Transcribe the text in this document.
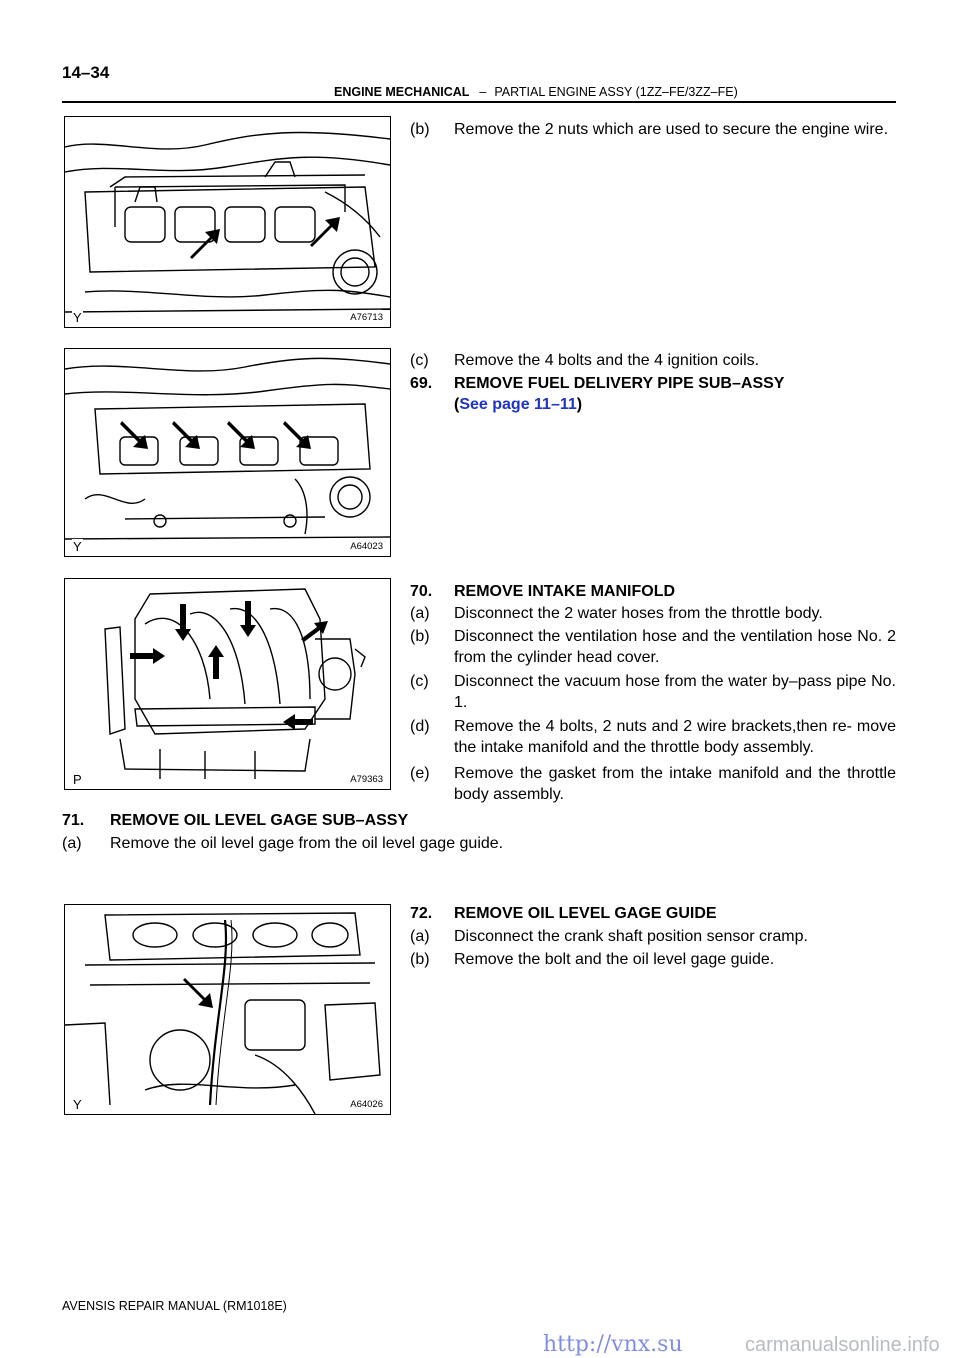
14–34
ENGINE MECHANICAL – PARTIAL ENGINE ASSY (1ZZ–FE/3ZZ–FE)
Y	A76713
Y	A64023
P	A79363
Y	A64026
(b) Remove the 2 nuts which are used to secure the engine wire.
(c) Remove the 4 bolts and the 4 ignition coils.
69. REMOVE FUEL DELIVERY PIPE SUB–ASSY
(See page 11–11)
70. REMOVE INTAKE MANIFOLD
(a) Disconnect the 2 water hoses from the throttle body.
(b) Disconnect the ventilation hose and the ventilation hose No. 2 from the cylinder head cover.
(c) Disconnect the vacuum hose from the water by–pass pipe No. 1.
(d) Remove the 4 bolts, 2 nuts and 2 wire brackets,then re- move the intake manifold and the throttle body assembly.
(e) Remove the gasket from the intake manifold and the throttle body assembly.
71. REMOVE OIL LEVEL GAGE SUB–ASSY
(a) Remove the oil level gage from the oil level gage guide.
72. REMOVE OIL LEVEL GAGE GUIDE
(a) Disconnect the crank shaft position sensor cramp.
(b) Remove the bolt and the oil level gage guide.
AVENSIS REPAIR MANUAL (RM1018E)
http://vnx.su	carmanualsonline.info
